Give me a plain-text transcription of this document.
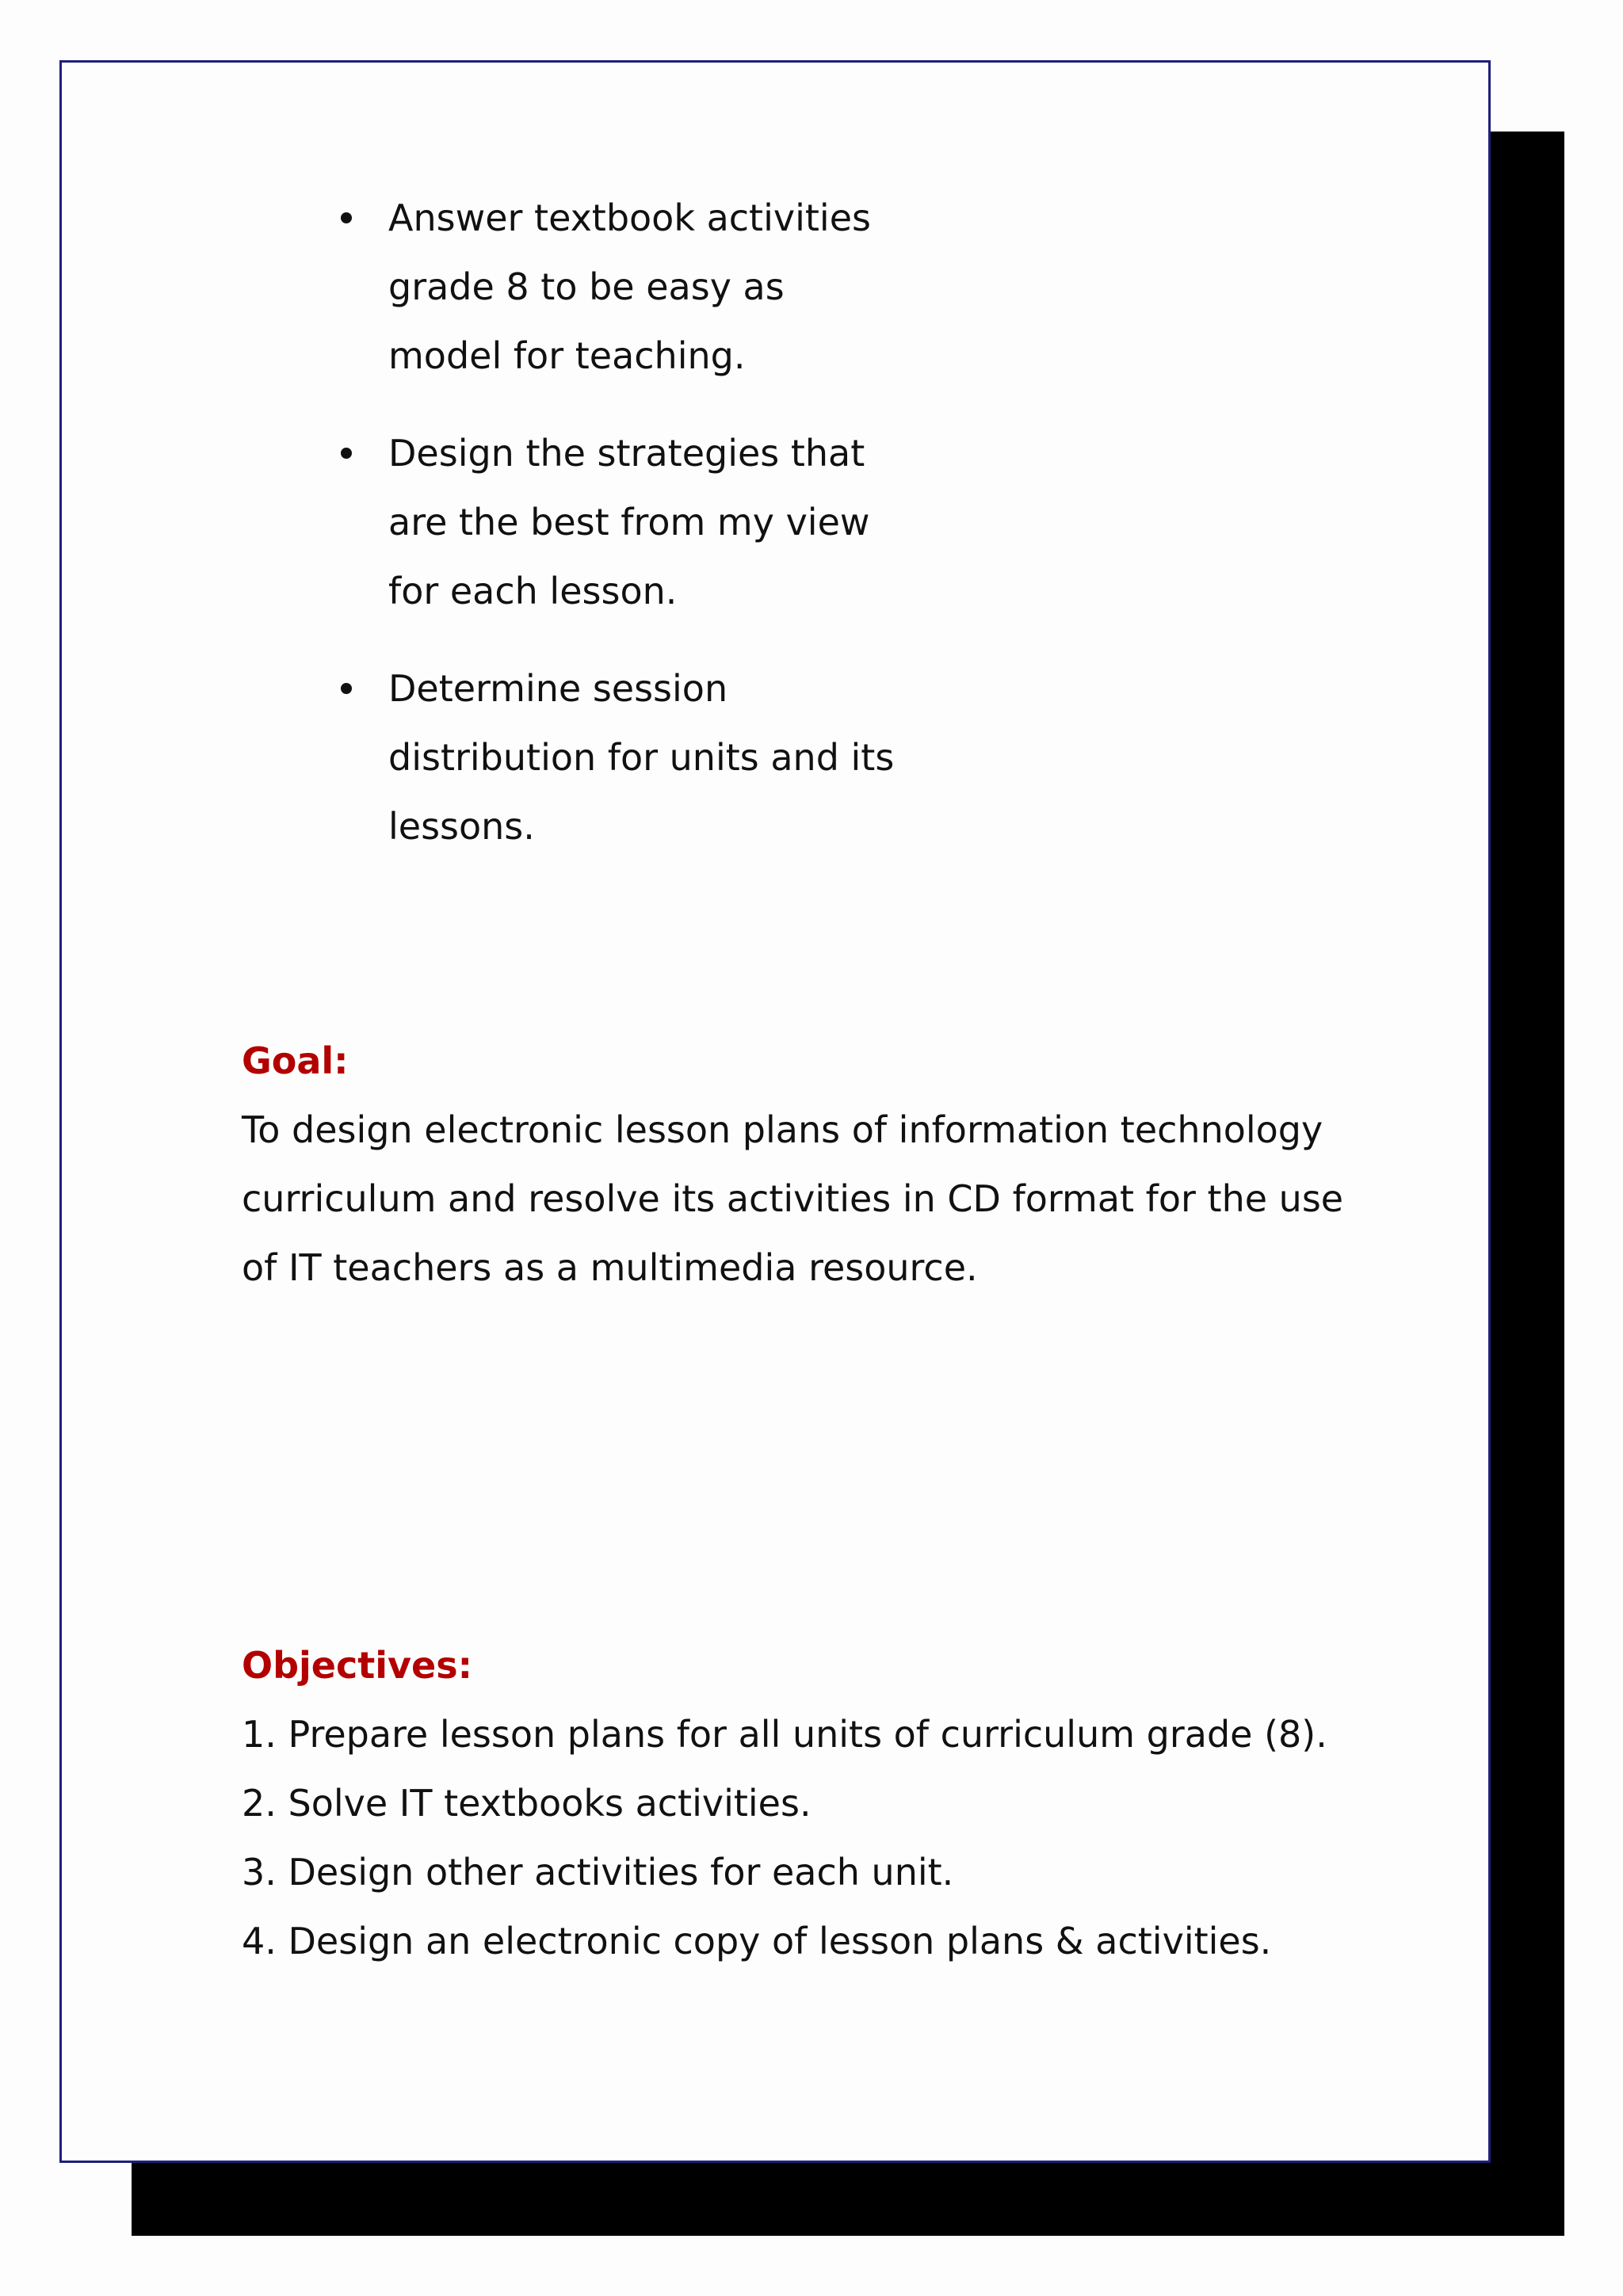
Answer textbook activities grade 8 to be easy as model for teaching.
Design the strategies that are the best from my view for each lesson.
Determine session distribution for units and its lessons.
Goal:

To design electronic lesson plans of information technology curriculum and resolve its activities in CD format for the use of IT teachers as a multimedia resource.

Objectives:
1. Prepare lesson plans for all units of curriculum grade (8).
2. Solve IT textbooks activities.
3. Design other activities for each unit.
4. Design an electronic copy of lesson plans & activities.
